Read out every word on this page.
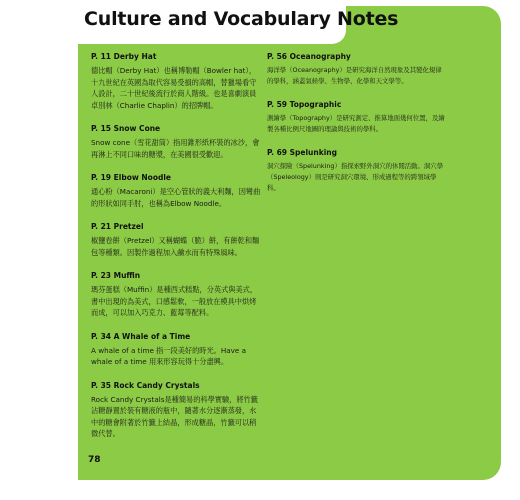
Culture and Vocabulary Notes
P. 11 Derby Hat
德比帽（Derby Hat）也稱博勒帽（Bowler hat），十九世紀在英國為取代容易受損的高帽，替獵場看守人設計，二十世紀後流行於商人階級。也是喜劇演員卓別林（Charlie Chaplin）的招牌帽。
P. 15 Snow Cone
Snow cone（雪花甜筒）指用錐形紙杯裝的冰沙，會再淋上不同口味的糖漿，在美國很受歡迎。
P. 19 Elbow Noodle
通心粉（Macaroni）是空心管狀的義大利麵，因彎曲的形狀如同手肘，也稱為Elbow Noodle。
P. 21 Pretzel
椒鹽卷餅（Pretzel）又稱蝴蝶（脆）餅，有餅乾和麵包等種類。因製作過程加入鹼水而有特殊風味。
P. 23 Muffin
瑪芬蛋糕（Muffin）是種西式糕點，分英式與美式，書中出現的為美式，口感鬆軟，一般放在模具中烘烤而成，可以加入巧克力、藍莓等配料。
P. 34 A Whale of a Time
A whale of a time 指一段美好的時光。Have a whale of a time 用來形容玩得十分盡興。
P. 35 Rock Candy Crystals
Rock Candy Crystals是種簡易的科學實驗，將竹籤沾糖靜置於裝有糖液的瓶中，隨著水分逐漸蒸發，水中的糖會附著於竹籤上結晶，形成糖晶，竹籤可以稍微代替。
P. 56 Oceanography
海洋學（Oceanography）是研究海洋自然現象及其變化規律的學科，涵蓋氣候學、生物學、化學和天文學等。
P. 59 Topographic
測繪學（Topography）是研究測定、推算地面幾何位置，及繪製各種比例尺地圖的理論與技術的學科。
P. 69 Spelunking
洞穴探險（Spelunking）指探索野外洞穴的休閒活動。洞穴學（Speleology）則是研究洞穴環境、形成過程等的跨領域學科。
78
